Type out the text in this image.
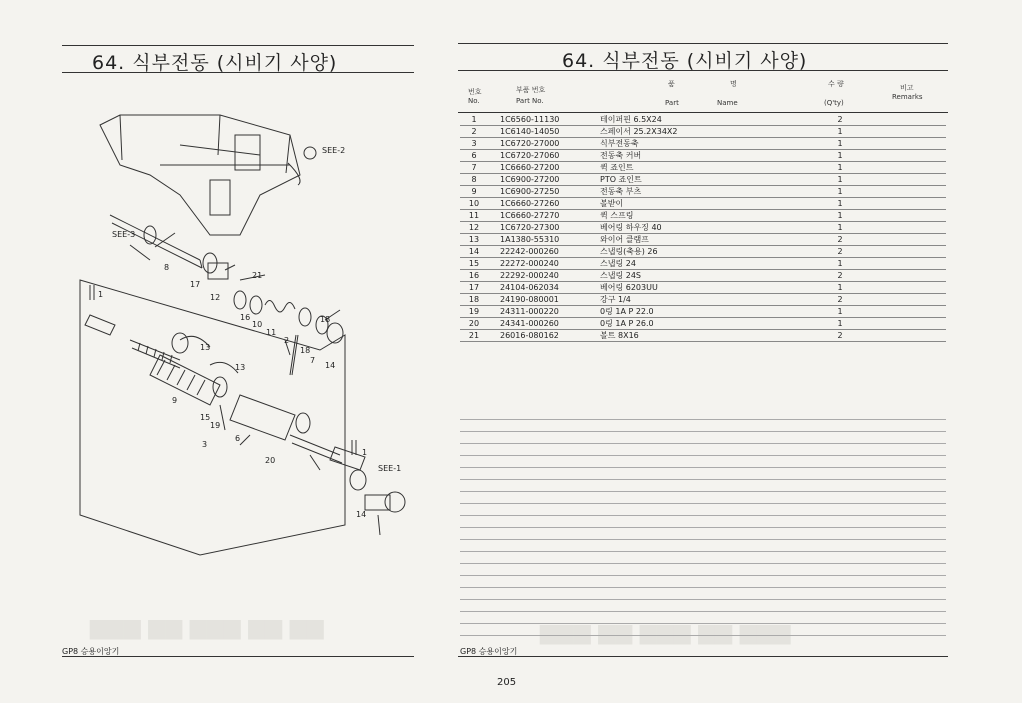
▆▆▆ ▆▆ ▆▆▆ ▆▆ ▆▆
64. 식부전동 (시비기 사양)
SEE-2
SEE-3
8
21
17
12
1
16
10
11
2
18
18
7
14
13
13
9
15
19
3
6
20
1
SEE-1
14
GP8 승용이앙기
▆▆▆ ▆▆ ▆▆▆ ▆▆ ▆▆▆
64. 식부전동 (시비기 사양)
번호
No.
부품 번호
Part No.
품	명
Part	Name
수 량
(Q'ty)
비고
Remarks
1	1C6560-11130	테이퍼핀 6.5X24	2
2	1C6140-14050	스페이서 25.2X34X2	1
3	1C6720-27000	식부전동축	1
6	1C6720-27060	전동축 커버	1
7	1C6660-27200	퀵 죠인트	1
8	1C6900-27200	PTO 죠인트	1
9	1C6900-27250	전동축 부츠	1
10	1C6660-27260	볼받이	1
11	1C6660-27270	퀵 스프링	1
12	1C6720-27300	베어링 하우징 40	1
13	1A1380-55310	와이어 클램프	2
14	22242-000260	스냅링(축용) 26	2
15	22272-000240	스냅링 24	1
16	22292-000240	스냅링 24S	2
17	24104-062034	베어링 6203UU	1
18	24190-080001	강구 1/4	2
19	24311-000220	0링 1A P 22.0	1
20	24341-000260	0링 1A P 26.0	1
21	26016-080162	볼트 8X16	2
GP8 승용이앙기
205
